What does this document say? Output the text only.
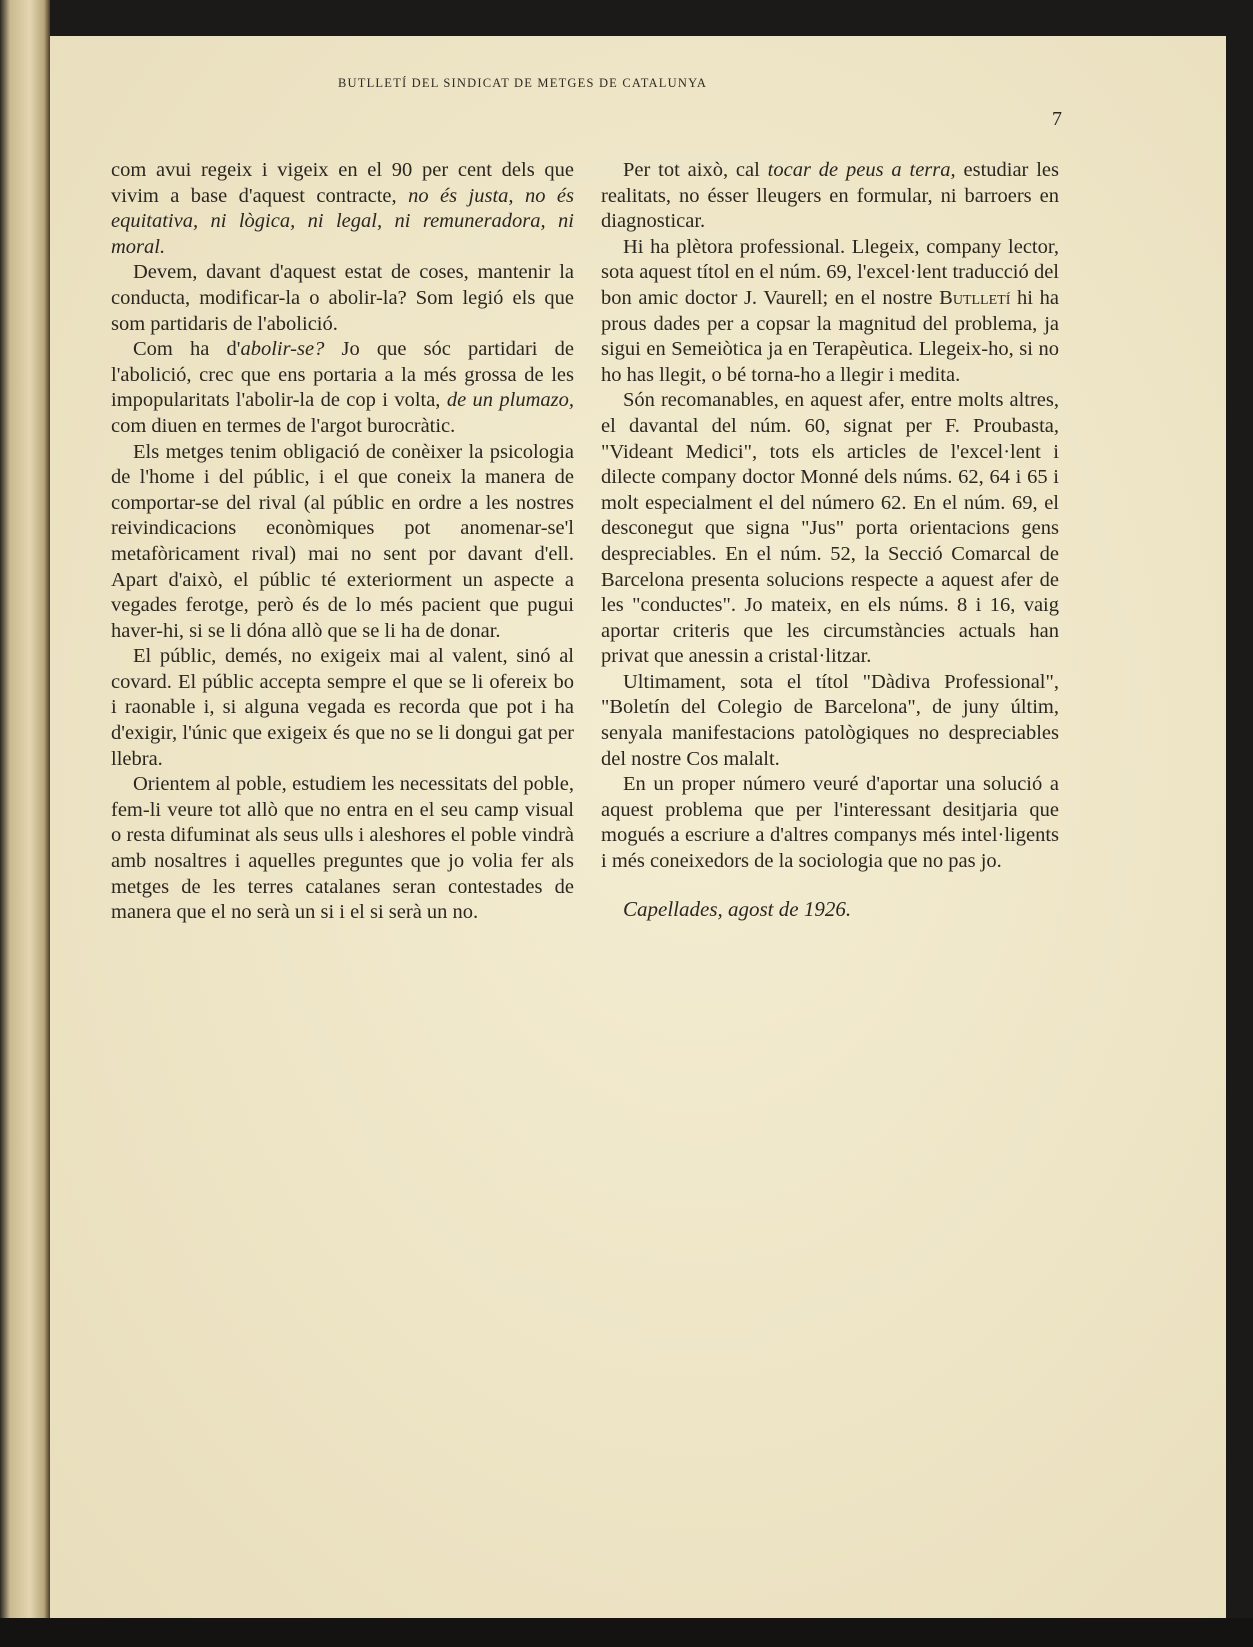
BUTLLETÍ DEL SINDICAT DE METGES DE CATALUNYA
7

com avui regeix i vigeix en el 90 per cent dels que vivim a base d'aquest contracte, no és justa, no és equitativa, ni lògica, ni legal, ni remuneradora, ni moral.

Devem, davant d'aquest estat de coses, mantenir la conducta, modificar-la o abolir-la? Som legió els que som partidaris de l'abolició.

Com ha d'abolir-se? Jo que sóc partidari de l'abolició, crec que ens portaria a la més grossa de les impopularitats l'abolir-la de cop i volta, de un plumazo, com diuen en termes de l'argot burocràtic.

Els metges tenim obligació de conèixer la psicologia de l'home i del públic, i el que coneix la manera de comportar-se del rival (al públic en ordre a les nostres reivindicacions econòmiques pot anomenar-se'l metafòricament rival) mai no sent por davant d'ell. Apart d'això, el públic té exteriorment un aspecte a vegades ferotge, però és de lo més pacient que pugui haver-hi, si se li dóna allò que se li ha de donar.

El públic, demés, no exigeix mai al valent, sinó al covard. El públic accepta sempre el que se li ofereix bo i raonable i, si alguna vegada es recorda que pot i ha d'exigir, l'únic que exigeix és que no se li dongui gat per llebra.

Orientem al poble, estudiem les necessitats del poble, fem-li veure tot allò que no entra en el seu camp visual o resta difuminat als seus ulls i aleshores el poble vindrà amb nosaltres i aquelles preguntes que jo volia fer als metges de les terres catalanes seran contestades de manera que el no serà un si i el si serà un no.

Per tot això, cal tocar de peus a terra, estudiar les realitats, no ésser lleugers en formular, ni barroers en diagnosticar.

Hi ha plètora professional. Llegeix, company lector, sota aquest títol en el núm. 69, l'excel·lent traducció del bon amic doctor J. Vaurell; en el nostre Butlletí hi ha prous dades per a copsar la magnitud del problema, ja sigui en Semeiòtica ja en Terapèutica. Llegeix-ho, si no ho has llegit, o bé torna-ho a llegir i medita.

Són recomanables, en aquest afer, entre molts altres, el davantal del núm. 60, signat per F. Proubasta, "Videant Medici", tots els articles de l'excel·lent i dilecte company doctor Monné dels núms. 62, 64 i 65 i molt especialment el del número 62. En el núm. 69, el desconegut que signa "Jus" porta orientacions gens despreciables. En el núm. 52, la Secció Comarcal de Barcelona presenta solucions respecte a aquest afer de les "conductes". Jo mateix, en els núms. 8 i 16, vaig aportar criteris que les circumstàncies actuals han privat que anessin a cristal·litzar.

Ultimament, sota el títol "Dàdiva Professional", "Boletín del Colegio de Barcelona", de juny últim, senyala manifestacions patològiques no despreciables del nostre Cos malalt.

En un proper número veuré d'aportar una solució a aquest problema que per l'interessant desitjaria que mogués a escriure a d'altres companys més intel·ligents i més coneixedors de la sociologia que no pas jo.

Capellades, agost de 1926.
